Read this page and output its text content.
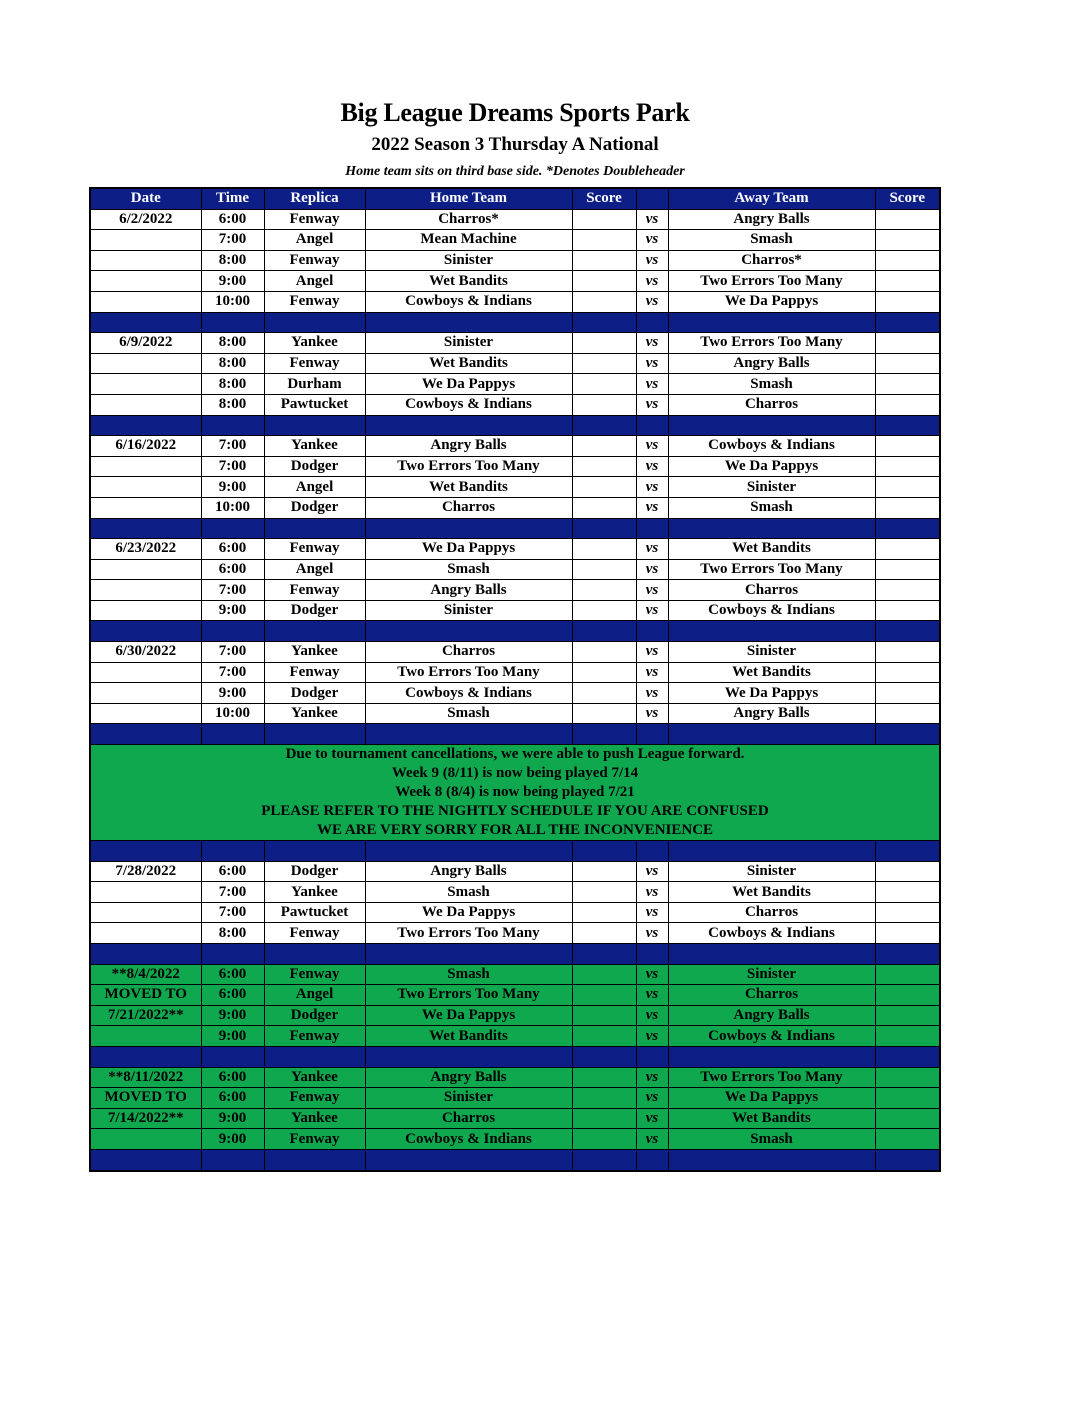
Big League Dreams Sports Park
2022 Season 3 Thursday A National
Home team sits on third base side. *Denotes Doubleheader
Date	Time	Replica	Home Team	Score		Away Team	Score
6/2/2022	6:00	Fenway	Charros*		vs	Angry Balls	
	7:00	Angel	Mean Machine		vs	Smash	
	8:00	Fenway	Sinister		vs	Charros*	
	9:00	Angel	Wet Bandits		vs	Two Errors Too Many	
	10:00	Fenway	Cowboys & Indians		vs	We Da Pappys	

6/9/2022	8:00	Yankee	Sinister		vs	Two Errors Too Many	
	8:00	Fenway	Wet Bandits		vs	Angry Balls	
	8:00	Durham	We Da Pappys		vs	Smash	
	8:00	Pawtucket	Cowboys & Indians		vs	Charros	

6/16/2022	7:00	Yankee	Angry Balls		vs	Cowboys & Indians	
	7:00	Dodger	Two Errors Too Many		vs	We Da Pappys	
	9:00	Angel	Wet Bandits		vs	Sinister	
	10:00	Dodger	Charros		vs	Smash	

6/23/2022	6:00	Fenway	We Da Pappys		vs	Wet Bandits	
	6:00	Angel	Smash		vs	Two Errors Too Many	
	7:00	Fenway	Angry Balls		vs	Charros	
	9:00	Dodger	Sinister		vs	Cowboys & Indians	

6/30/2022	7:00	Yankee	Charros		vs	Sinister	
	7:00	Fenway	Two Errors Too Many		vs	Wet Bandits	
	9:00	Dodger	Cowboys & Indians		vs	We Da Pappys	
	10:00	Yankee	Smash		vs	Angry Balls	

Due to tournament cancellations, we were able to push League forward.
Week 9 (8/11) is now being played 7/14
Week 8 (8/4) is now being played 7/21
PLEASE REFER TO THE NIGHTLY SCHEDULE IF YOU ARE CONFUSED
WE ARE VERY SORRY FOR ALL THE INCONVENIENCE							

7/28/2022	6:00	Dodger	Angry Balls		vs	Sinister	
	7:00	Yankee	Smash		vs	Wet Bandits	
	7:00	Pawtucket	We Da Pappys		vs	Charros	
	8:00	Fenway	Two Errors Too Many		vs	Cowboys & Indians	

**8/4/2022	6:00	Fenway	Smash		vs	Sinister	
MOVED TO	6:00	Angel	Two Errors Too Many		vs	Charros	
7/21/2022**	9:00	Dodger	We Da Pappys		vs	Angry Balls	
	9:00	Fenway	Wet Bandits		vs	Cowboys & Indians	

**8/11/2022	6:00	Yankee	Angry Balls		vs	Two Errors Too Many	
MOVED TO	6:00	Fenway	Sinister		vs	We Da Pappys	
7/14/2022**	9:00	Yankee	Charros		vs	Wet Bandits	
	9:00	Fenway	Cowboys & Indians		vs	Smash	
